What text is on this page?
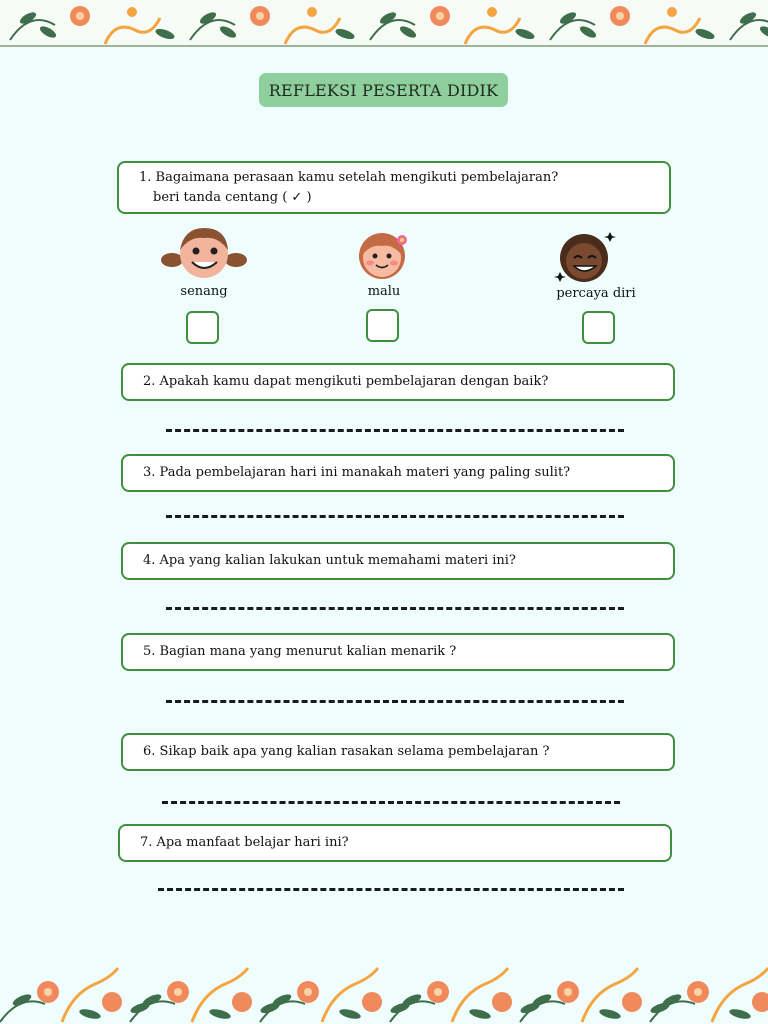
REFLEKSI PESERTA DIDIK
1. Bagaimana perasaan kamu setelah mengikuti pembelajaran?
beri tanda centang ( ✓ )
senang	malu	percaya diri
2. Apakah kamu dapat mengikuti pembelajaran dengan baik?
3. Pada pembelajaran hari ini manakah materi yang paling sulit?
4. Apa yang kalian lakukan untuk memahami materi ini?
5. Bagian mana yang menurut kalian menarik ?
6. Sikap baik apa yang kalian rasakan selama pembelajaran ?
7. Apa manfaat belajar hari ini?
